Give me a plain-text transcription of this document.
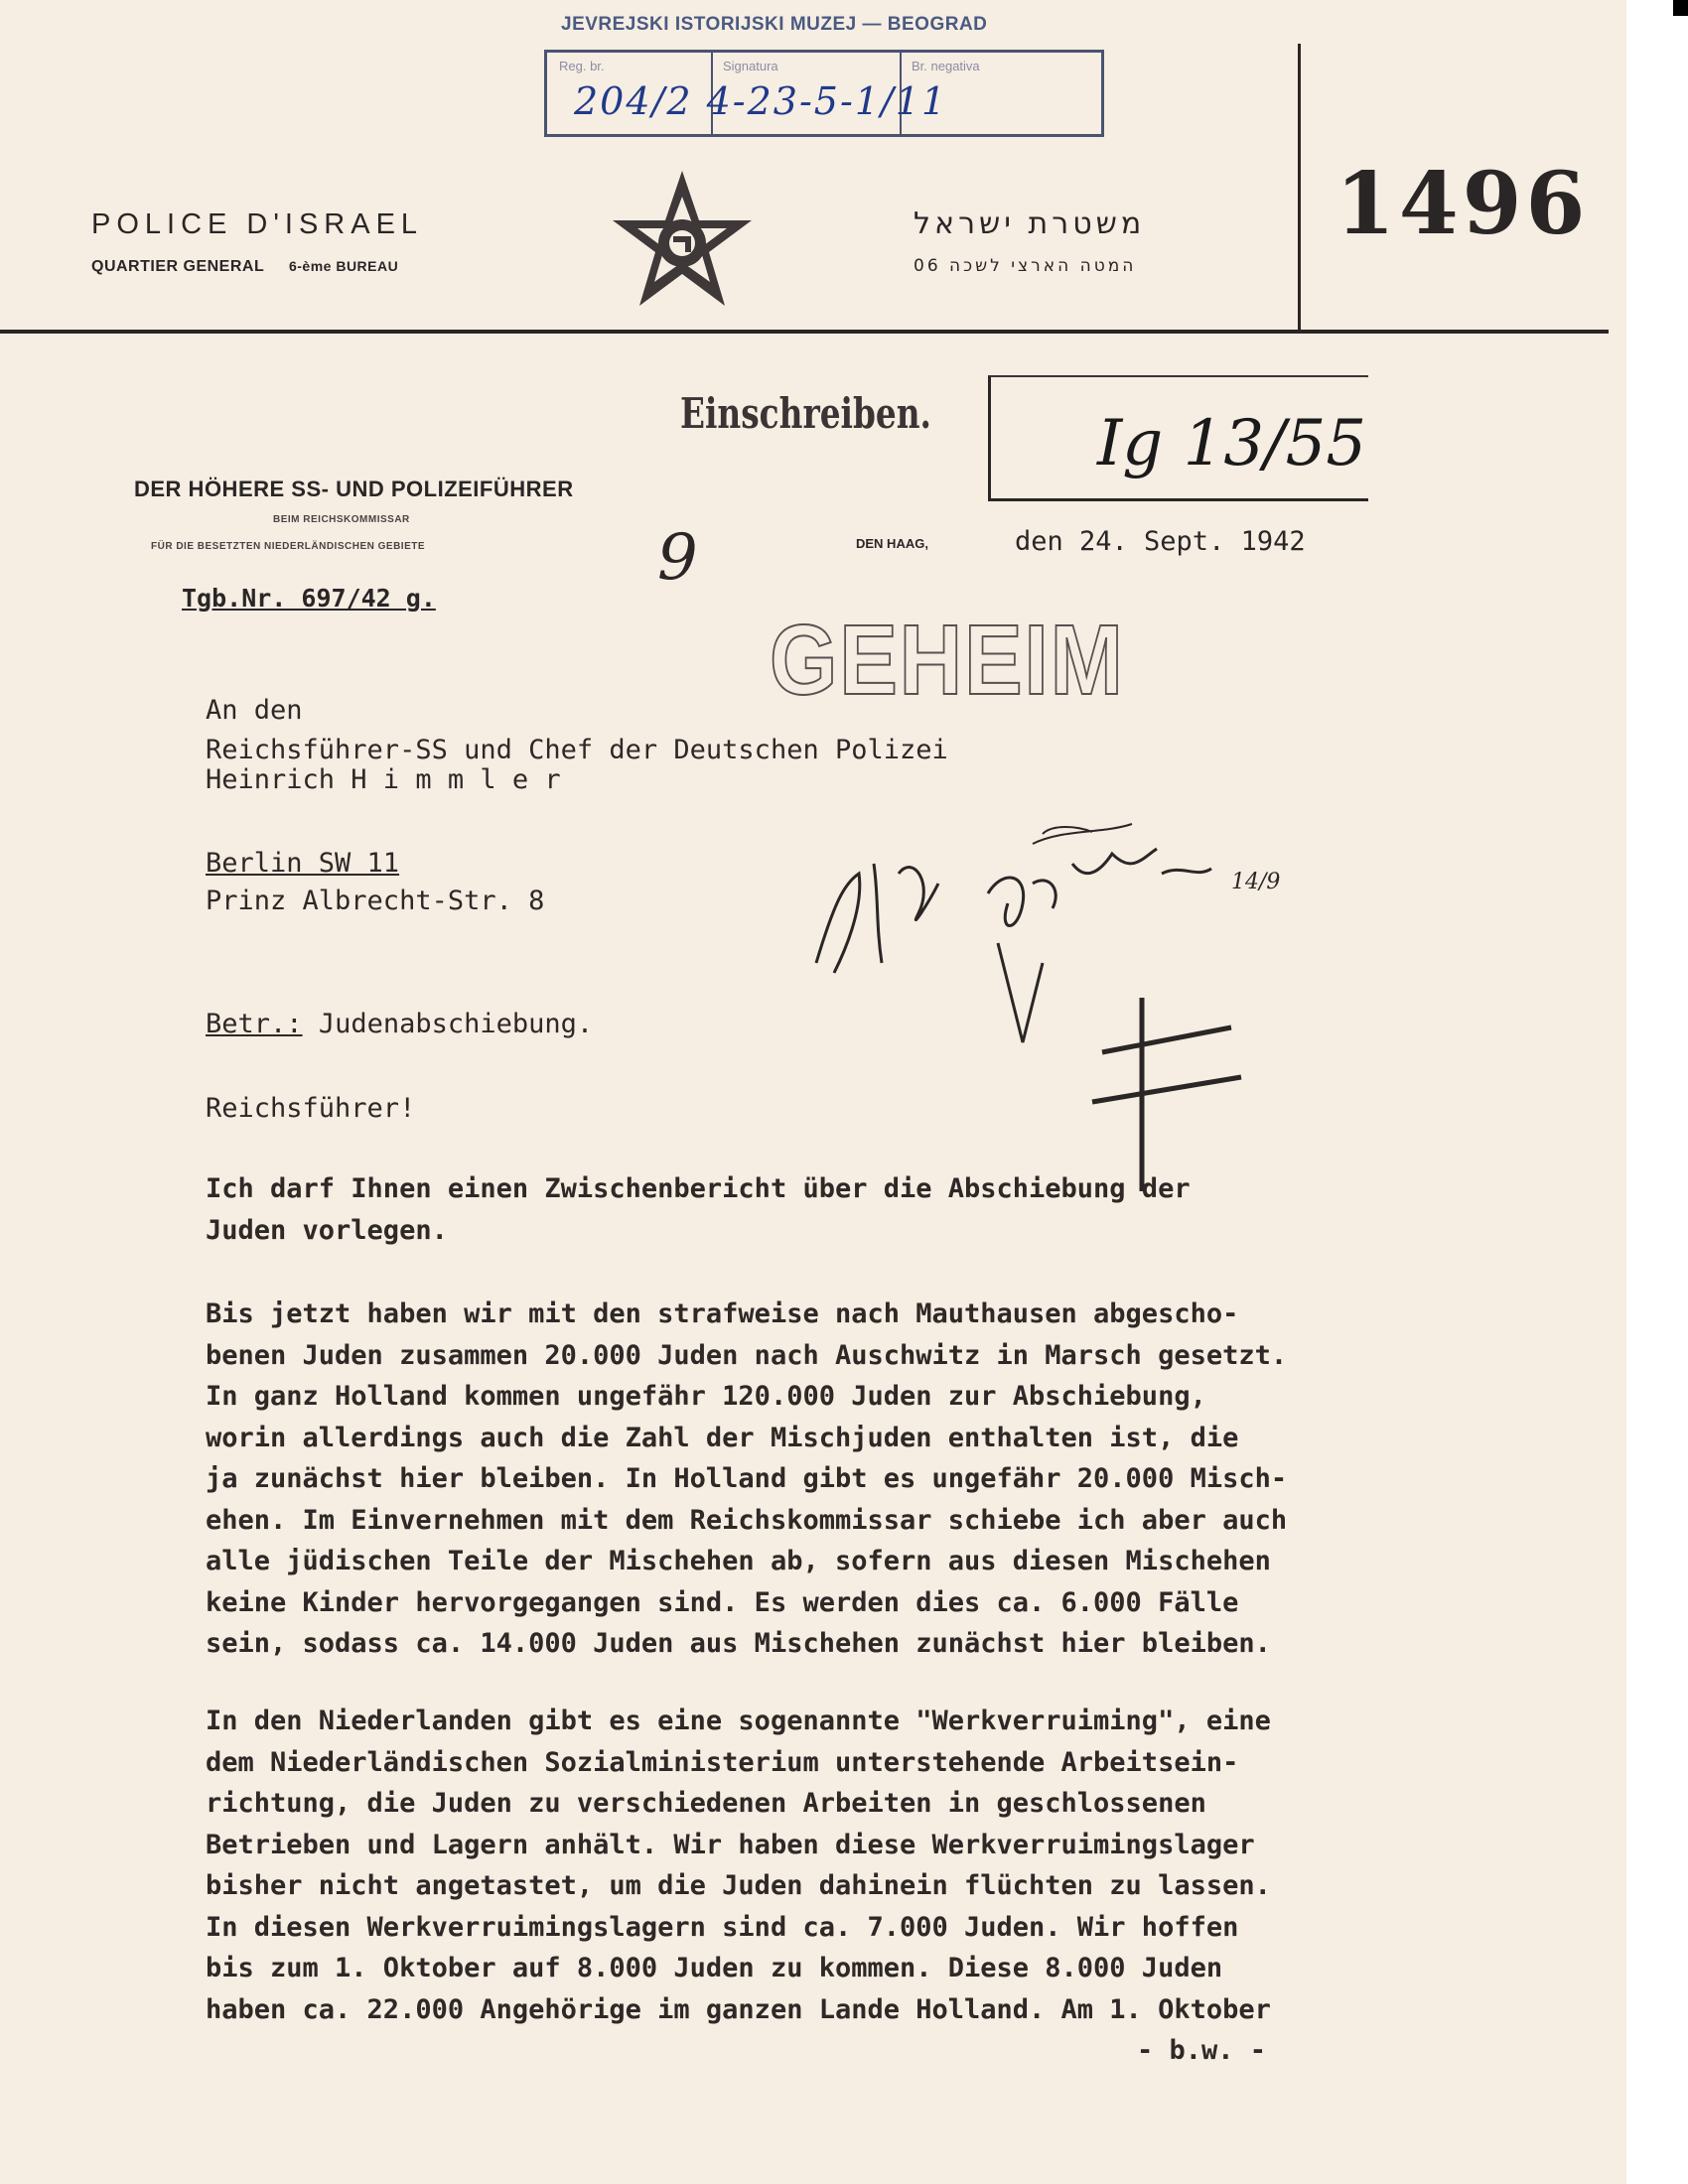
JEVREJSKI ISTORIJSKI MUZEJ — BEOGRAD
Reg. br.	Signatura	Br. negativa
204/2 4-23-5-1/11
POLICE D'ISRAEL
QUARTIER GENERAL 6-ème BUREAU
משטרת ישראל
המטה הארצי לשכה 06
1496
Einschreiben.	Ig 13/55
DER HÖHERE SS- UND POLIZEIFÜHRER
BEIM REICHSKOMMISSAR
FÜR DIE BESETZTEN NIEDERLÄNDISCHEN GEBIETE
Tgb.Nr. 697/42 g.
9	DEN HAAG,	den 24. Sept. 1942
GEHEIM
An den
Reichsführer-SS und Chef der Deutschen Polizei
Heinrich H i m m l e r
Berlin SW 11
Prinz Albrecht-Str. 8
14/9
Betr.: Judenabschiebung.
Reichsführer!
Ich darf Ihnen einen Zwischenbericht über die Abschiebung der
Juden vorlegen.
Bis jetzt haben wir mit den strafweise nach Mauthausen abgescho-
benen Juden zusammen 20.000 Juden nach Auschwitz in Marsch gesetzt.
In ganz Holland kommen ungefähr 120.000 Juden zur Abschiebung,
worin allerdings auch die Zahl der Mischjuden enthalten ist, die
ja zunächst hier bleiben. In Holland gibt es ungefähr 20.000 Misch-
ehen. Im Einvernehmen mit dem Reichskommissar schiebe ich aber auch
alle jüdischen Teile der Mischehen ab, sofern aus diesen Mischehen
keine Kinder hervorgegangen sind. Es werden dies ca. 6.000 Fälle
sein, sodass ca. 14.000 Juden aus Mischehen zunächst hier bleiben.
In den Niederlanden gibt es eine sogenannte "Werkverruiming", eine
dem Niederländischen Sozialministerium unterstehende Arbeitsein-
richtung, die Juden zu verschiedenen Arbeiten in geschlossenen
Betrieben und Lagern anhält. Wir haben diese Werkverruimingslager
bisher nicht angetastet, um die Juden dahinein flüchten zu lassen.
In diesen Werkverruimingslagern sind ca. 7.000 Juden. Wir hoffen
bis zum 1. Oktober auf 8.000 Juden zu kommen. Diese 8.000 Juden
haben ca. 22.000 Angehörige im ganzen Lande Holland. Am 1. Oktober
- b.w. -
